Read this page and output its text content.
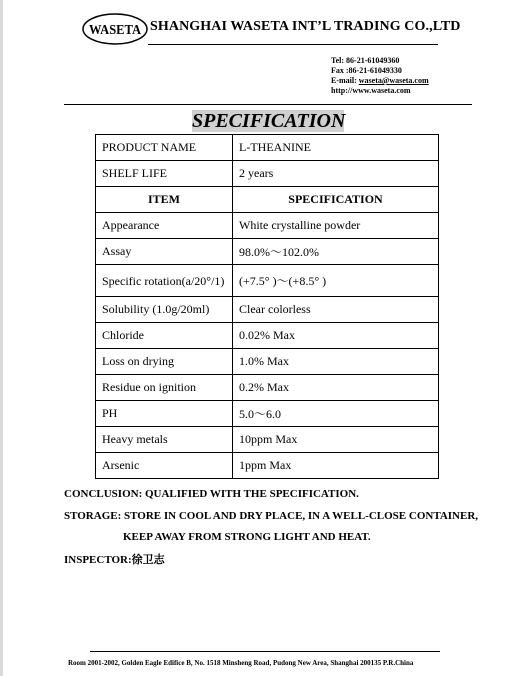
WASETA SHANGHAI WASETA INT’L TRADING CO.,LTD
Tel: 86-21-61049360
Fax :86-21-61049330
E-mail: waseta@waseta.com
http://www.waseta.com
SPECIFICATION
PRODUCT NAME	L-THEANINE
SHELF LIFE	2 years
ITEM	SPECIFICATION
Appearance	White crystalline powder
Assay	98.0%～102.0%
Specific rotation(a/20°/1)	(+7.5° )～(+8.5° )
Solubility (1.0g/20ml)	Clear colorless
Chloride	0.02% Max
Loss on drying	1.0% Max
Residue on ignition	0.2% Max
PH	5.0～6.0
Heavy metals	10ppm Max
Arsenic	1ppm Max
CONCLUSION: QUALIFIED WITH THE SPECIFICATION.
STORAGE: STORE IN COOL AND DRY PLACE, IN A WELL-CLOSE CONTAINER,
KEEP AWAY FROM STRONG LIGHT AND HEAT.
INSPECTOR:徐卫志
Room 2001-2002, Golden Eagle Edifice B, No. 1518 Minsheng Road, Pudong New Area, Shanghai 200135 P.R.China
